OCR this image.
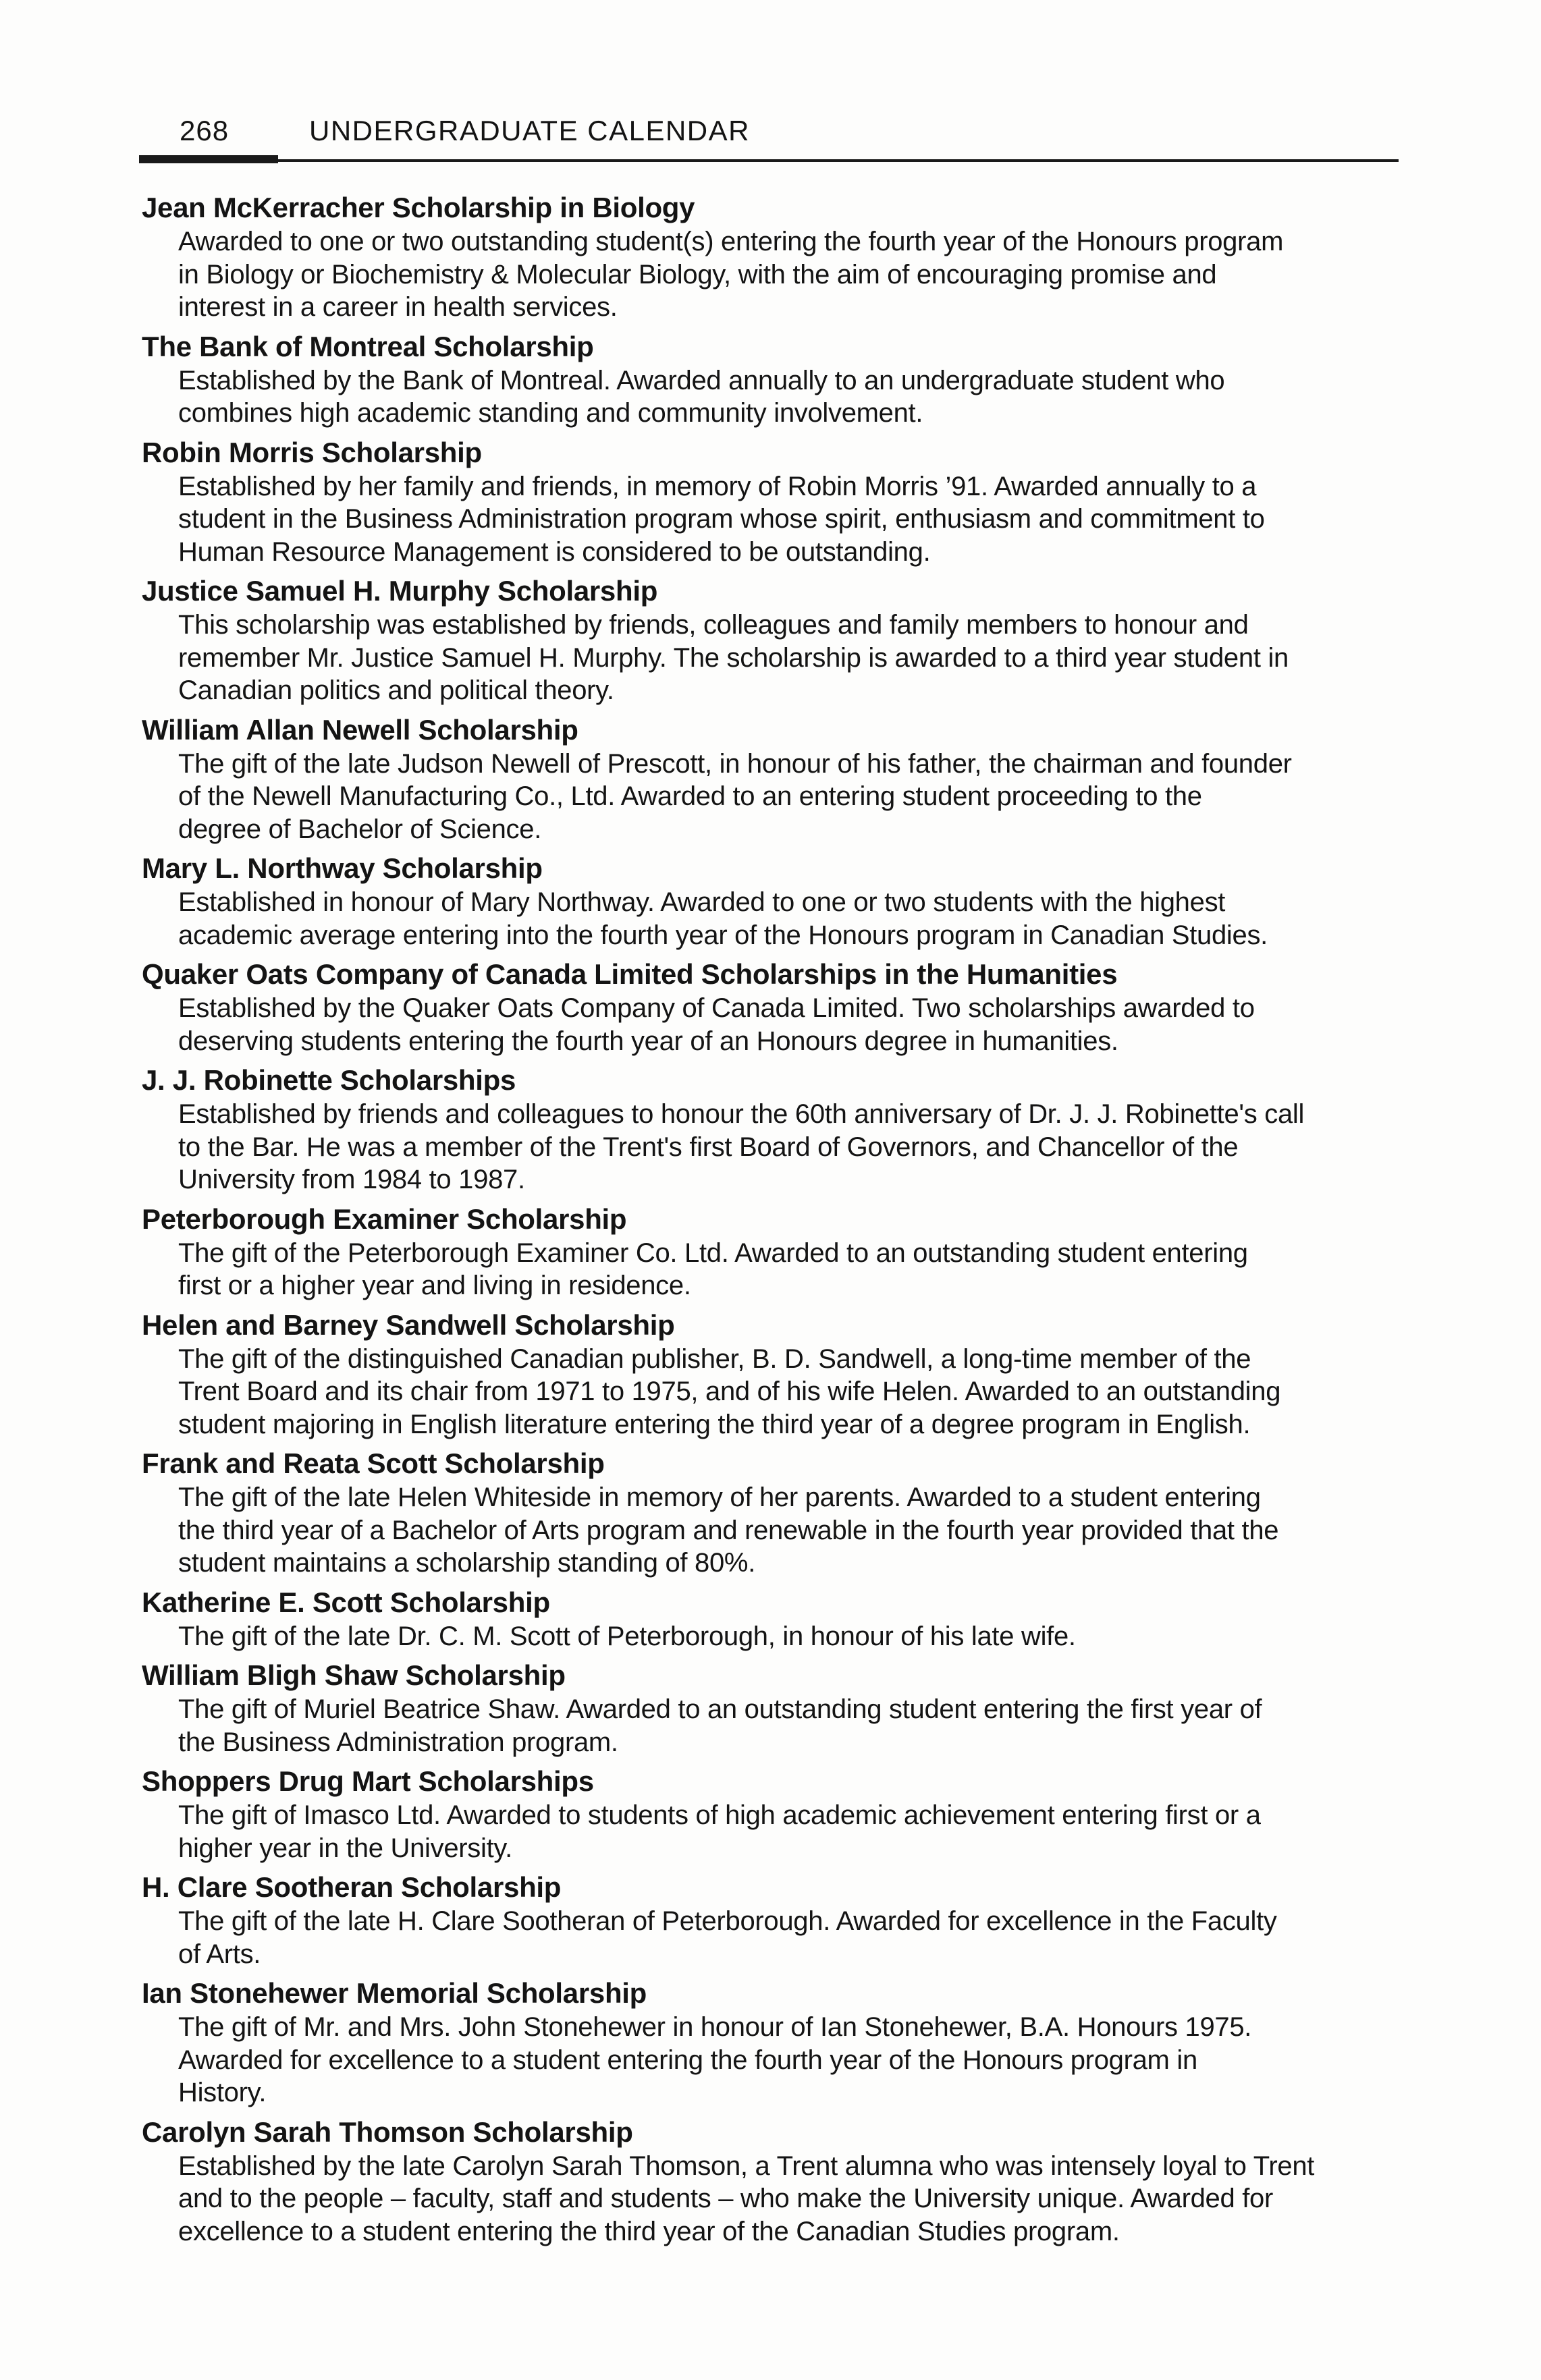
268	UNDERGRADUATE CALENDAR
Jean McKerracher Scholarship in Biology
Awarded to one or two outstanding student(s) entering the fourth year of the Honours program
in Biology or Biochemistry & Molecular Biology, with the aim of encouraging promise and
interest in a career in health services.
The Bank of Montreal Scholarship
Established by the Bank of Montreal. Awarded annually to an undergraduate student who
combines high academic standing and community involvement.
Robin Morris Scholarship
Established by her family and friends, in memory of Robin Morris ’91. Awarded annually to a
student in the Business Administration program whose spirit, enthusiasm and commitment to
Human Resource Management is considered to be outstanding.
Justice Samuel H. Murphy Scholarship
This scholarship was established by friends, colleagues and family members to honour and
remember Mr. Justice Samuel H. Murphy. The scholarship is awarded to a third year student in
Canadian politics and political theory.
William Allan Newell Scholarship
The gift of the late Judson Newell of Prescott, in honour of his father, the chairman and founder
of the Newell Manufacturing Co., Ltd. Awarded to an entering student proceeding to the
degree of Bachelor of Science.
Mary L. Northway Scholarship
Established in honour of Mary Northway. Awarded to one or two students with the highest
academic average entering into the fourth year of the Honours program in Canadian Studies.
Quaker Oats Company of Canada Limited Scholarships in the Humanities
Established by the Quaker Oats Company of Canada Limited. Two scholarships awarded to
deserving students entering the fourth year of an Honours degree in humanities.
J. J. Robinette Scholarships
Established by friends and colleagues to honour the 60th anniversary of Dr. J. J. Robinette's call
to the Bar. He was a member of the Trent's first Board of Governors, and Chancellor of the
University from 1984 to 1987.
Peterborough Examiner Scholarship
The gift of the Peterborough Examiner Co. Ltd. Awarded to an outstanding student entering
first or a higher year and living in residence.
Helen and Barney Sandwell Scholarship
The gift of the distinguished Canadian publisher, B. D. Sandwell, a long-time member of the
Trent Board and its chair from 1971 to 1975, and of his wife Helen. Awarded to an outstanding
student majoring in English literature entering the third year of a degree program in English.
Frank and Reata Scott Scholarship
The gift of the late Helen Whiteside in memory of her parents. Awarded to a student entering
the third year of a Bachelor of Arts program and renewable in the fourth year provided that the
student maintains a scholarship standing of 80%.
Katherine E. Scott Scholarship
The gift of the late Dr. C. M. Scott of Peterborough, in honour of his late wife.
William Bligh Shaw Scholarship
The gift of Muriel Beatrice Shaw. Awarded to an outstanding student entering the first year of
the Business Administration program.
Shoppers Drug Mart Scholarships
The gift of Imasco Ltd. Awarded to students of high academic achievement entering first or a
higher year in the University.
H. Clare Sootheran Scholarship
The gift of the late H. Clare Sootheran of Peterborough. Awarded for excellence in the Faculty
of Arts.
Ian Stonehewer Memorial Scholarship
The gift of Mr. and Mrs. John Stonehewer in honour of Ian Stonehewer, B.A. Honours 1975.
Awarded for excellence to a student entering the fourth year of the Honours program in
History.
Carolyn Sarah Thomson Scholarship
Established by the late Carolyn Sarah Thomson, a Trent alumna who was intensely loyal to Trent
and to the people – faculty, staff and students – who make the University unique. Awarded for
excellence to a student entering the third year of the Canadian Studies program.
